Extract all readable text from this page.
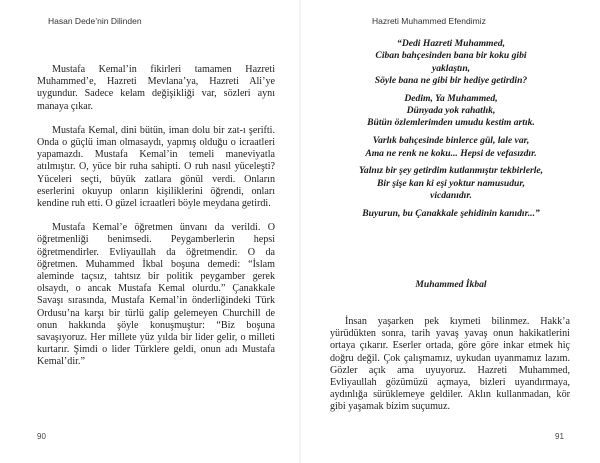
Hasan Dede’nin Dilinden

Mustafa Kemal’in fikirleri tamamen Hazreti Muhammed’e, Hazreti Mevlana’ya, Hazreti Ali’ye uygundur. Sadece kelam değişikliği var, sözleri aynı manaya çıkar.

Mustafa Kemal, dini bütün, iman dolu bir zat-ı şerifti. Onda o güçlü iman olmasaydı, yapmış olduğu o icraatleri yapamazdı. Mustafa Kemal’in temeli maneviyatla atılmıştır. O, yüce bir ruha sahipti. O ruh nasıl yüceleşti? Yüceleri seçti, büyük zatlara gönül verdi. Onların eserlerini okuyup onların kişiliklerini öğrendi, onları kendine ruh etti. O güzel icraatleri böyle meydana getirdi.

Mustafa Kemal’e öğretmen ünvanı da verildi. O öğretmenliği benimsedi. Peygamberlerin hepsi öğretmendirler. Evliyaullah da öğretmendir. O da öğretmen. Muhammed İkbal boşuna demedi: “İslam aleminde taçsız, tahtsız bir politik peygamber gerek olsaydı, o ancak Mustafa Kemal olurdu.” Çanakkale Savaşı sırasında, Mustafa Kemal’in önderliğindeki Türk Ordusu’na karşı bir türlü galip gelemeyen Churchill de onun hakkında şöyle konuşmuştur: “Biz boşuna savaşıyoruz. Her millete yüz yılda bir lider gelir, o milleti kurtarır. Şimdi o lider Türklere geldi, onun adı Mustafa Kemal’dir.”

90
Hazreti Muhammed Efendimiz
“Dedi Hazreti Muhammed,
Ciban bahçesinden bana bir koku gibi
yaklaştın,
Söyle bana ne gibi bir hediye getirdin?
Dedim, Ya Muhammed,
Dünyada yok rahatlık,
Bütün özlemlerimden umudu kestim artık.
Varlık bahçesinde binlerce gül, lale var,
Ama ne renk ne koku... Hepsi de vefasızdır.
Yalnız bir şey getirdim kutlanmıştır tekbirlerle,
Bir şişe kan ki eşi yoktur namusudur,
vicdanıdır.
Buyurun, bu Çanakkale şehidinin kanıdır...”
Muhammed İkbal

İnsan yaşarken pek kıymeti bilinmez. Hakk’a yürüdükten sonra, tarih yavaş yavaş onun hakikatlerini ortaya çıkarır. Eserler ortada, göre göre inkar etmek hiç doğru değil. Çok çalışmamız, uykudan uyanmamız lazım. Gözler açık ama uyuyoruz. Hazreti Muhammed, Evliyaullah gözümüzü açmaya, bizleri uyandırmaya, aydınlığa sürüklemeye geldiler. Aklın kullanmadan, kör gibi yaşamak bizim suçumuz.

91
